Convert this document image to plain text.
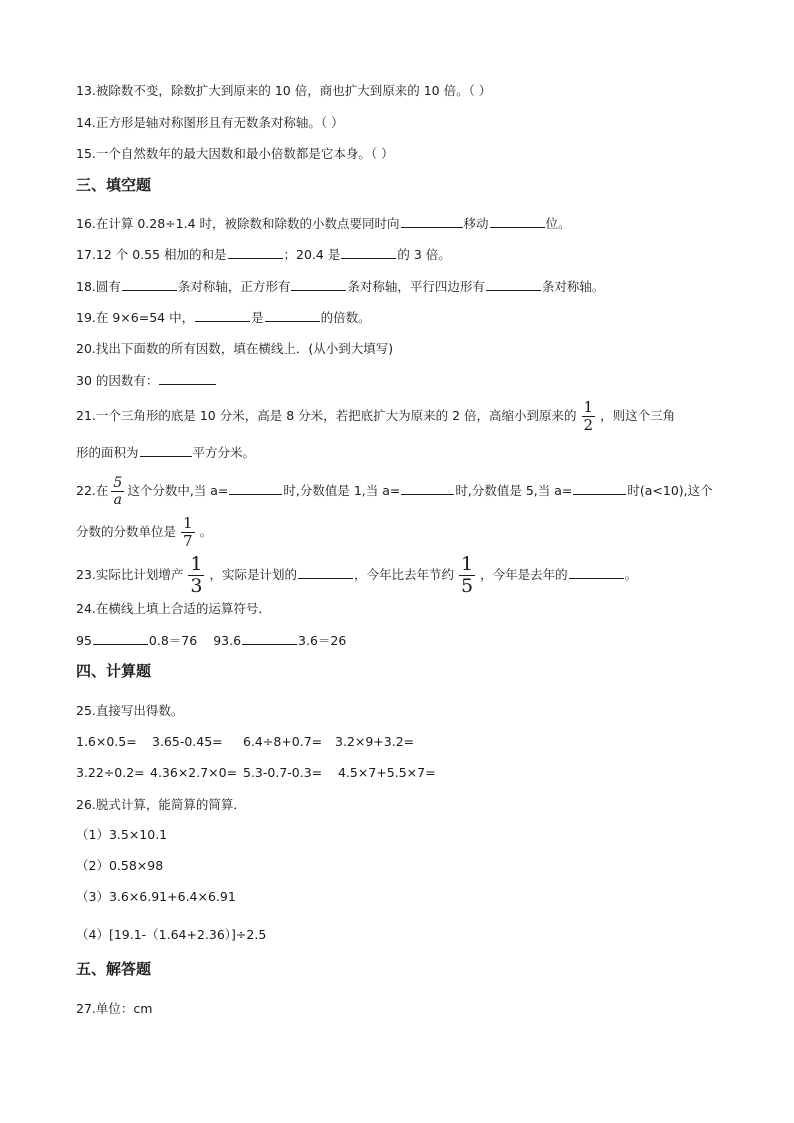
13.被除数不变，除数扩大到原来的 10 倍，商也扩大到原来的 10 倍。（ ）
14.正方形是轴对称图形且有无数条对称轴。（ ）
15.一个自然数年的最大因数和最小倍数都是它本身。（ ）
三、填空题
16.在计算 0.28÷1.4 时，被除数和除数的小数点要同时向	移动	位。
17.12 个 0.55 相加的和是	；20.4 是	的 3 倍。
18.圆有	条对称轴，正方形有	条对称轴，平行四边形有	条对称轴。
19.在 9×6=54 中，	是	的倍数。
20.找出下面数的所有因数，填在横线上．(从小到大填写)
30 的因数有：
21.一个三角形的底是 10 分米，高是 8 分米，若把底扩大为原来的 2 倍，高缩小到原来的 $\frac{1}{2}$ ，则这个三角
形的面积为	平方分米。
22.在 $\frac{5}{a}$ 这个分数中,当 a=	时,分数值是 1,当 a=	时,分数值是 5,当 a=	时(a<10),这个
分数的分数单位是 $\frac{1}{7}$ 。
23.实际比计划增产 $\frac{1}{3}$ ，实际是计划的	，今年比去年节约 $\frac{1}{5}$ ，今年是去年的	。
24.在横线上填上合适的运算符号．
95	0.8＝76 93.6	3.6＝26
四、计算题
25.直接写出得数。
1.6×0.5= 3.65-0.45= 6.4÷8+0.7= 3.2×9+3.2=
3.22÷0.2= 4.36×2.7×0= 5.3-0.7-0.3= 4.5×7+5.5×7=
26.脱式计算，能简算的简算．
（1）3.5×10.1
（2）0.58×98
（3）3.6×6.91+6.4×6.91
（4）[19.1-（1.64+2.36）]÷2.5
五、解答题
27.单位：cm
